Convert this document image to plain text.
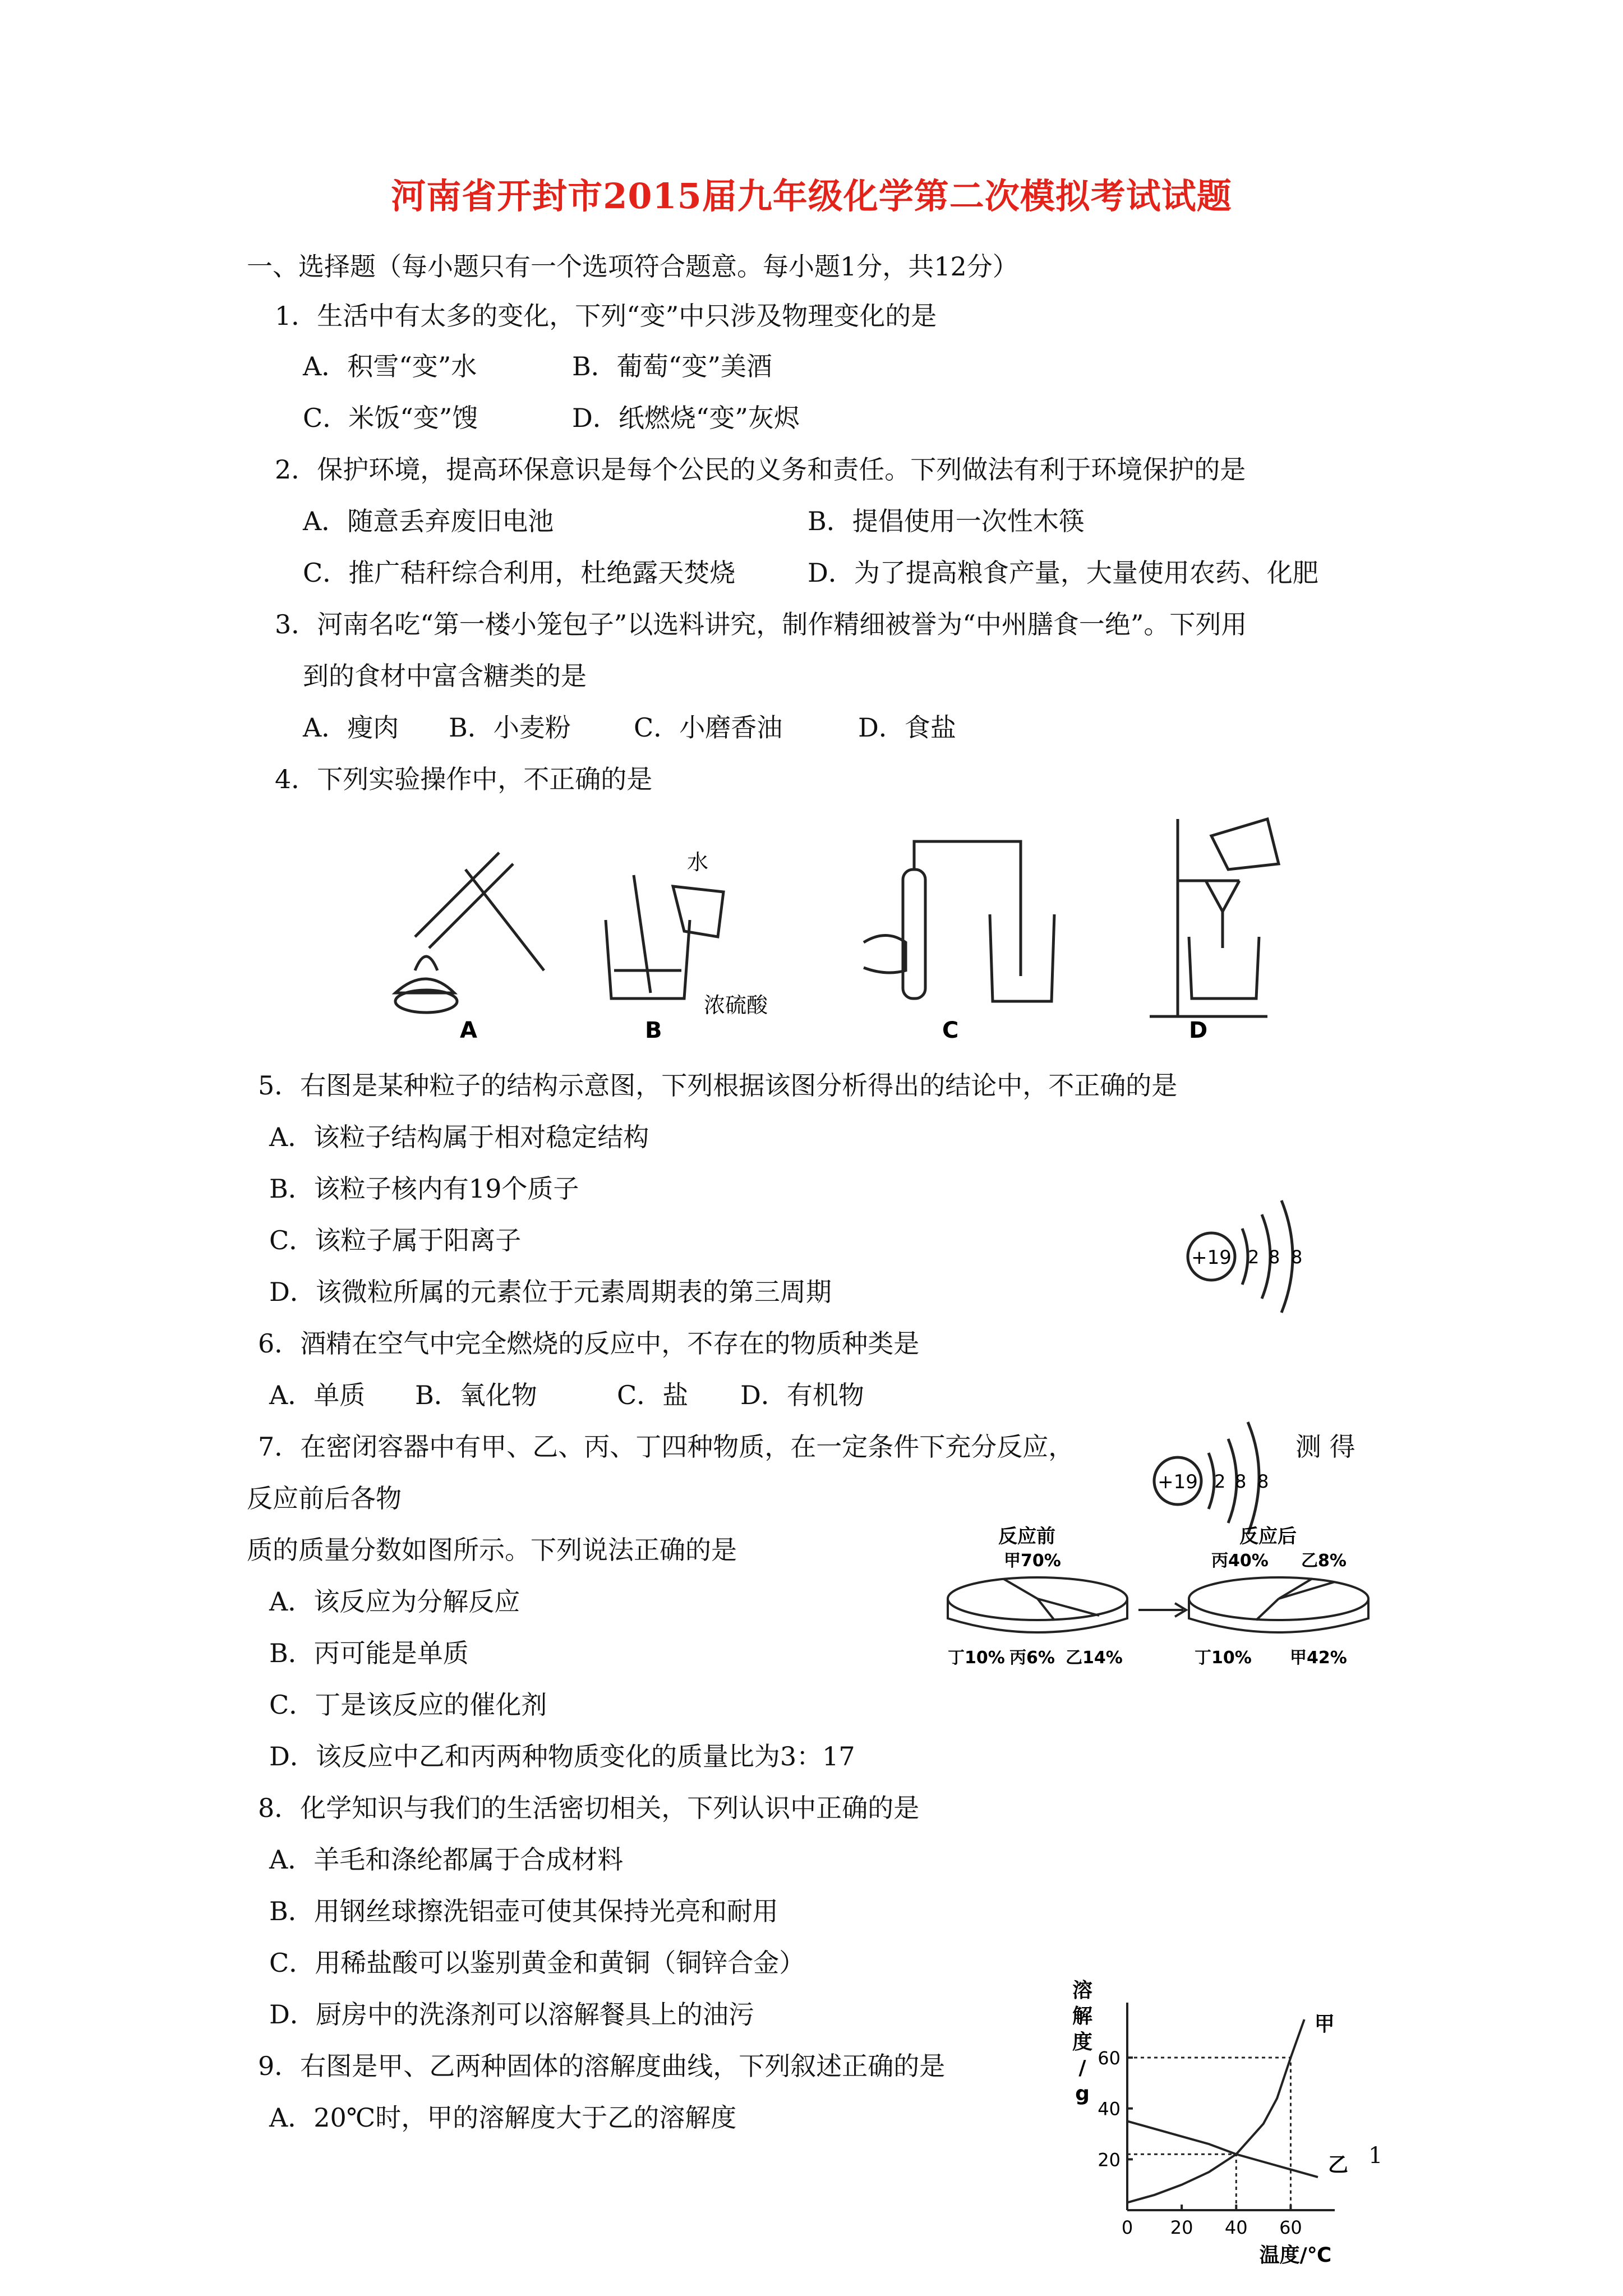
河南省开封市2015届九年级化学第二次模拟考试试题
一、选择题（每小题只有一个选项符合题意。每小题1分，共12分）
1．生活中有太多的变化，下列“变”中只涉及物理变化的是
A．积雪“变”水	B．葡萄“变”美酒
C．米饭“变”馊	D．纸燃烧“变”灰烬
2．保护环境，提高环保意识是每个公民的义务和责任。下列做法有利于环境保护的是
A．随意丢弃废旧电池	B．提倡使用一次性木筷
C．推广秸秆综合利用，杜绝露天焚烧	D．为了提高粮食产量，大量使用农药、化肥
3．河南名吃“第一楼小笼包子”以选料讲究，制作精细被誉为“中州膳食一绝”。下列用
到的食材中富含糖类的是
A．瘦肉 B．小麦粉 C．小磨香油	D．食盐
4．下列实验操作中，不正确的是
A	B	C	D
水
浓硫酸
5．右图是某种粒子的结构示意图，下列根据该图分析得出的结论中，不正确的是
A．该粒子结构属于相对稳定结构
B．该粒子核内有19个质子
C．该粒子属于阳离子
D．该微粒所属的元素位于元素周期表的第三周期
+19 2 8 8
6．酒精在空气中完全燃烧的反应中，不存在的物质种类是
A．单质 B．氧化物	C．盐 D．有机物
7．在密闭容器中有甲、乙、丙、丁四种物质，在一定条件下充分反应，	测 得
反应前后各物
质的质量分数如图所示。下列说法正确的是
A．该反应为分解反应
B．丙可能是单质
C．丁是该反应的催化剂
D．该反应中乙和丙两种物质变化的质量比为3：17
+19 2 8 8
反应前
甲70%
丁10% 丙6% 乙14%
反应后
丙40% 乙8%
丁10% 甲42%
8．化学知识与我们的生活密切相关，下列认识中正确的是
A．羊毛和涤纶都属于合成材料
B．用钢丝球擦洗铝壶可使其保持光亮和耐用
C．用稀盐酸可以鉴别黄金和黄铜（铜锌合金）
D．厨房中的洗涤剂可以溶解餐具上的油污
9．右图是甲、乙两种固体的溶解度曲线，下列叙述正确的是
A．20℃时，甲的溶解度大于乙的溶解度
20
40
60
0 20 40 60
甲
乙
溶
解
度
/
g
温度/℃
1
